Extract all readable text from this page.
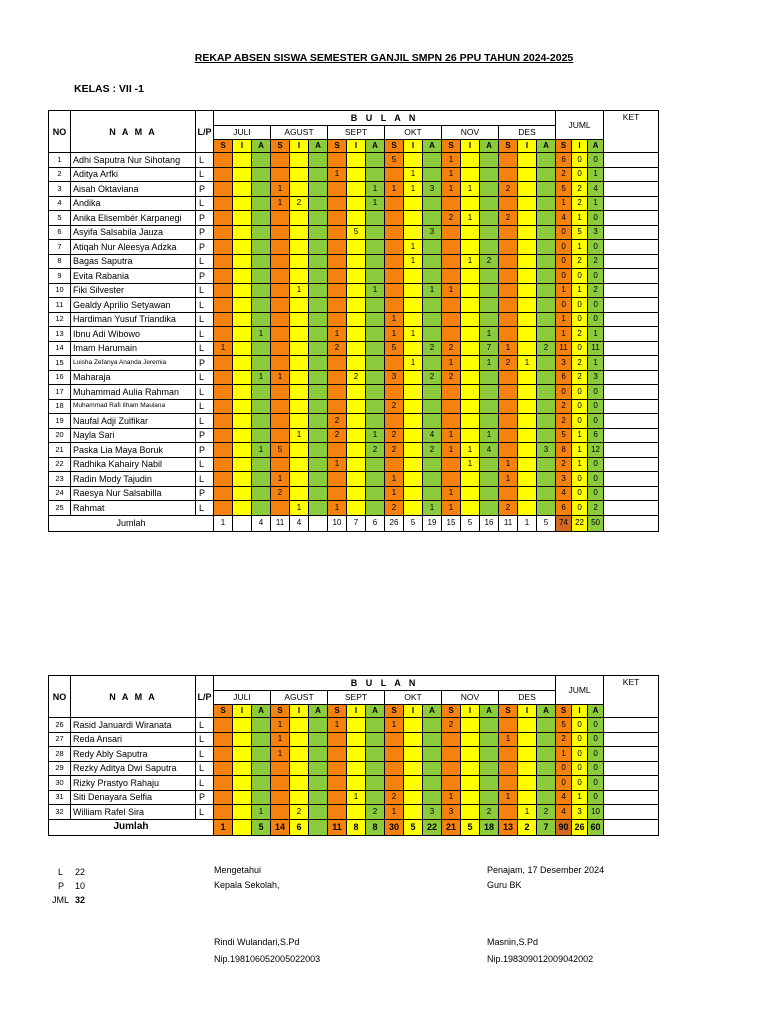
REKAP ABSEN SISWA SEMESTER GANJIL SMPN 26 PPU TAHUN 2024-2025
KELAS : VII -1
NO	N A M A	L/P	B U L A N																		JUML			KET
			JULI			AGUST			SEPT			OKT			NOV			DES						
			S	I	A	S	I	A	S	I	A	S	I	A	S	I	A	S	I	A	S	I	A	
1	Adhi Saputra Nur Sihotang	L										5			1						6	0	0	
2	Aditya Arfki	L							1				1		1						2	0	1	
3	Aisah Oktaviana	P				1					1	1	1	3	1	1		2			5	2	4	
4	Andika	L				1	2				1										1	2	1	
5	Anika Elisembér Karpanegi	P													2	1		2			4	1	0	
6	Asyifa Salsabila Jauza	P								5				3							0	5	3	
7	Atiqah Nur Aleesya Adzka	P											1								0	1	0	
8	Bagas Saputra	L											1			1	2				0	2	2	
9	Evita Rabania	P																			0	0	0	
10	Fiki Silvester	L					1				1			1	1						1	1	2	
11	Gealdy Aprilio Setyawan	L																			0	0	0	
12	Hardiman Yusuf Triandika	L										1									1	0	0	
13	Ibnu Adi Wibowo	L			1				1			1	1				1				1	2	1	
14	Imam Harumain	L	1						2			5		2	2		7	1		2	11	0	11	
15	Luisha Zefanya Ananda Jeremia	P											1		1		1	2	1		3	2	1	
16	Maharaja	L			1	1				2		3		2	2						6	2	3	
17	Muhammad Aulia Rahman	L																			0	0	0	
18	Muhammad Rafi Ilham Maulana	L										2									2	0	0	
19	Naufal Adji Zulfikar	L							2												2	0	0	
20	Nayla Sari	P					1		2		1	2		4	1		1				5	1	6	
21	Paska Lia Maya Boruk	P			1	5					2	2		2	1	1	4			3	8	1	12	
22	Radhika Kahairy Nabil	L							1							1		1			2	1	0	
23	Radin Mody Tajudin	L				1						1						1			3	0	0	
24	Raesya Nur Salsabilla	P				2						1			1						4	0	0	
25	Rahmat	L					1		1			2		1	1			2			6	0	2	
Jumlah			1		4	11	4		10	7	6	26	5	19	15	5	16	11	1	5	74	22	50	
NO	N A M A	L/P	B U L A N																		JUML			KET
			JULI			AGUST			SEPT			OKT			NOV			DES						
			S	I	A	S	I	A	S	I	A	S	I	A	S	I	A	S	I	A	S	I	A	
26	Rasid Januardi Wiranata	L				1			1			1			2						5	0	0	
27	Reda Ansari	L				1												1			2	0	0	
28	Redy Ably Saputra	L				1															1	0	0	
29	Rezky Aditya Dwi Saputra	L																			0	0	0	
30	Rizky Prastyo Rahaju	L																			0	0	0	
31	Siti Denayara Selfia	P								1		2			1			1			4	1	0	
32	William Rafel Sira	L			1		2				2	1		3	3		2		1	2	4	3	10	
Jumlah			1		5	14	6		11	8	8	30	5	22	21	5	18	13	2	7	90	26	60	
L 22
P 10
JML 32
Mengetahui
Kepala Sekolah,
Rindi Wulandari,S.Pd
Nip.198106052005022003
Penajam, 17 Desember 2024
Guru BK
Masriin,S.Pd
Nip.198309012009042002
